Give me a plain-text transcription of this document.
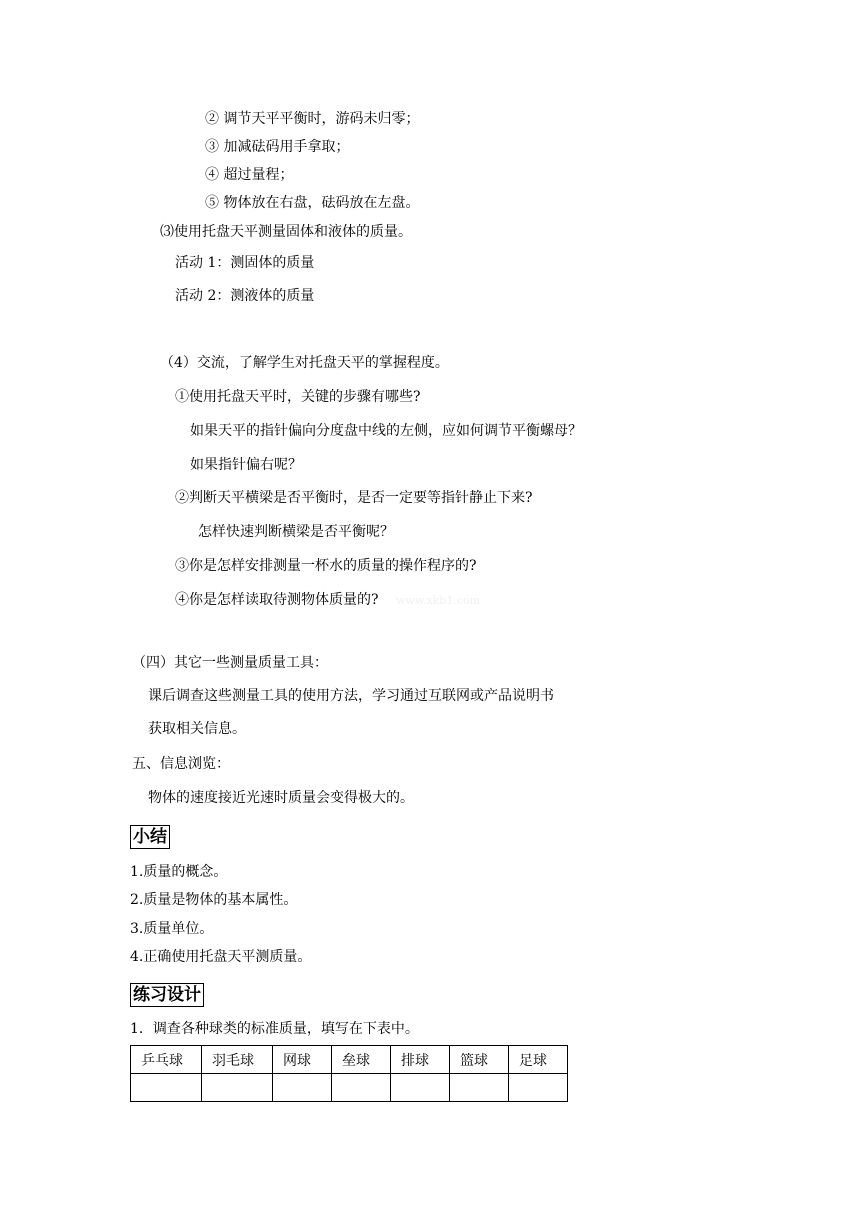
② 调节天平平衡时，游码未归零；
③ 加减砝码用手拿取；
④ 超过量程；
⑤ 物体放在右盘，砝码放在左盘。
⑶使用托盘天平测量固体和液体的质量。
活动 1：测固体的质量
活动 2：测液体的质量
（4）交流，了解学生对托盘天平的掌握程度。
①使用托盘天平时，关键的步骤有哪些?
如果天平的指针偏向分度盘中线的左侧，应如何调节平衡螺母？
如果指针偏右呢？
②判断天平横梁是否平衡时，是否一定要等指针静止下来?
怎样快速判断横梁是否平衡呢？
③你是怎样安排测量一杯水的质量的操作程序的?
④你是怎样读取待测物体质量的? www.xkb1.com
（四）其它一些测量质量工具：
课后调查这些测量工具的使用方法，学习通过互联网或产品说明书
获取相关信息。
五、信息浏览：
物体的速度接近光速时质量会变得极大的。
小结
1.质量的概念。
2.质量是物体的基本属性。
3.质量单位。
4.正确使用托盘天平测质量。
练习设计
1．调查各种球类的标准质量，填写在下表中。
乒乓球	羽毛球	网球	垒球	排球	篮球	足球
